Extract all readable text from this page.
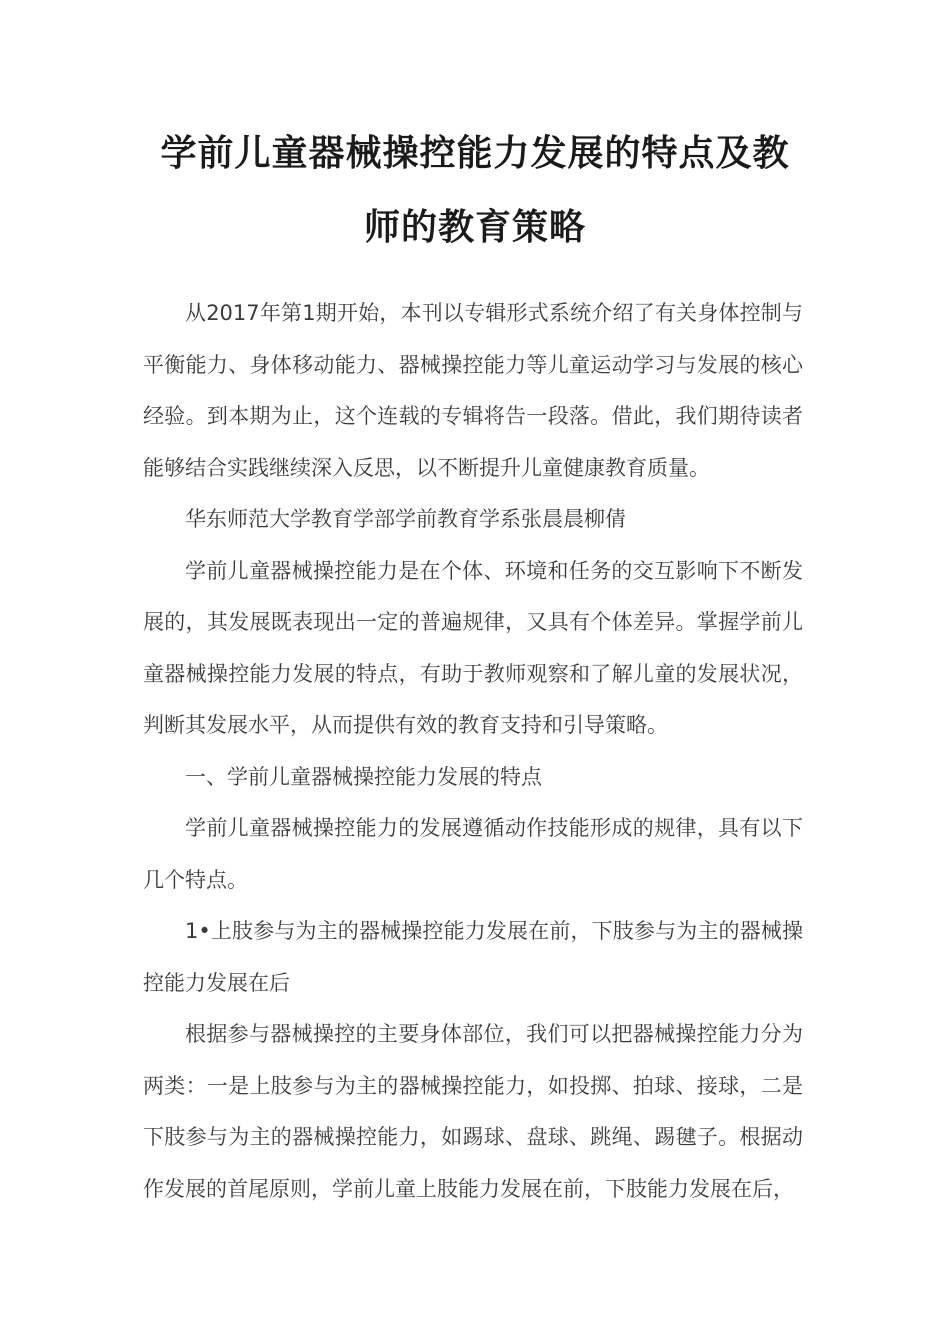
学前儿童器械操控能力发展的特点及教
师的教育策略

从2017年第1期开始，本刊以专辑形式系统介绍了有关身体控制与平衡能力、身体移动能力、器械操控能力等儿童运动学习与发展的核心经验。到本期为止，这个连载的专辑将告一段落。借此，我们期待读者能够结合实践继续深入反思，以不断提升儿童健康教育质量。

华东师范大学教育学部学前教育学系张晨晨柳倩

学前儿童器械操控能力是在个体、环境和任务的交互影响下不断发展的，其发展既表现出一定的普遍规律，又具有个体差异。掌握学前儿童器械操控能力发展的特点，有助于教师观察和了解儿童的发展状况，判断其发展水平，从而提供有效的教育支持和引导策略。

一、学前儿童器械操控能力发展的特点

学前儿童器械操控能力的发展遵循动作技能形成的规律，具有以下几个特点。

1•上肢参与为主的器械操控能力发展在前，下肢参与为主的器械操控能力发展在后

根据参与器械操控的主要身体部位，我们可以把器械操控能力分为两类：一是上肢参与为主的器械操控能力，如投掷、拍球、接球，二是下肢参与为主的器械操控能力，如踢球、盘球、跳绳、踢毽子。根据动作发展的首尾原则，学前儿童上肢能力发展在前，下肢能力发展在后，
